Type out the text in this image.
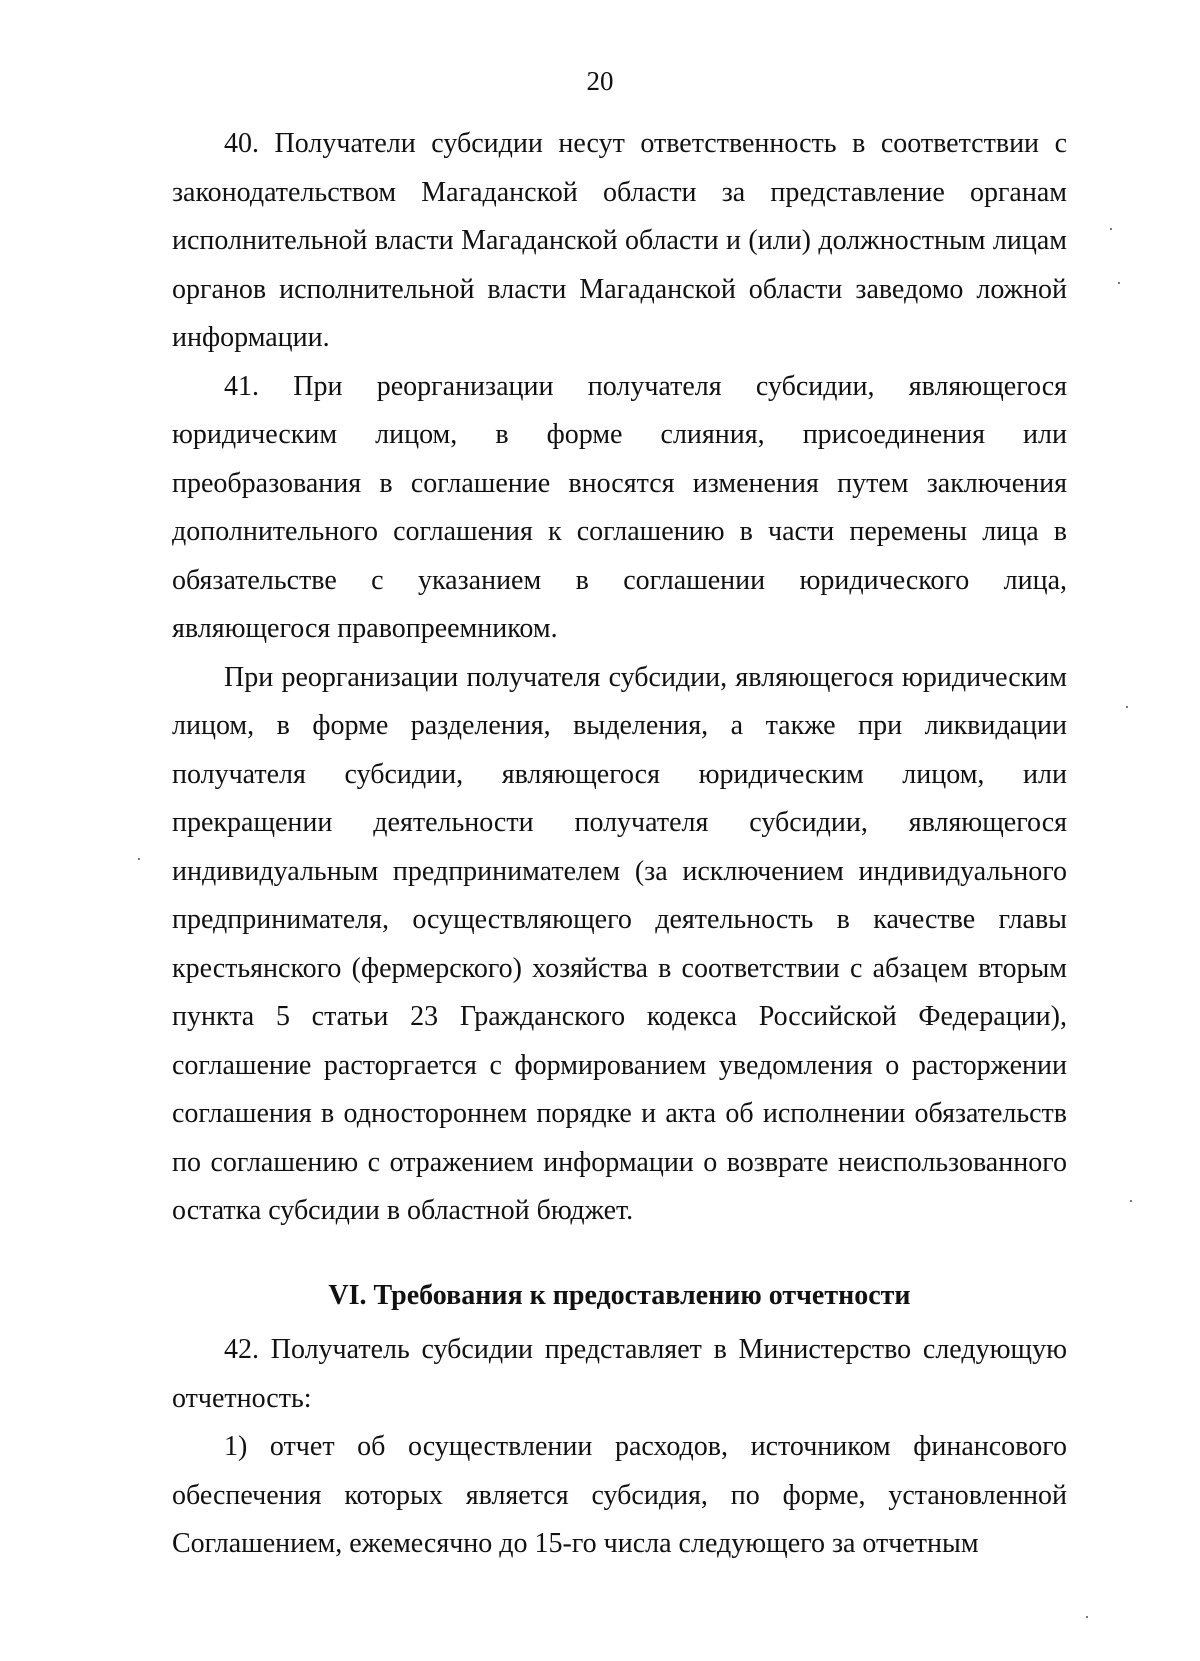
20

40. Получатели субсидии несут ответственность в соответствии с законодательством Магаданской области за представление органам исполнительной власти Магаданской области и (или) должностным лицам органов исполнительной власти Магаданской области заведомо ложной информации.

41. При реорганизации получателя субсидии, являющегося юридическим лицом, в форме слияния, присоединения или преобразования в соглашение вносятся изменения путем заключения дополнительного соглашения к соглашению в части перемены лица в обязательстве с указанием в соглашении юридического лица, являющегося правопреемником.

При реорганизации получателя субсидии, являющегося юридическим лицом, в форме разделения, выделения, а также при ликвидации получателя субсидии, являющегося юридическим лицом, или прекращении деятельности получателя субсидии, являющегося индивидуальным предпринимателем (за исключением индивидуального предпринимателя, осуществляющего деятельность в качестве главы крестьянского (фермерского) хозяйства в соответствии с абзацем вторым пункта 5 статьи 23 Гражданского кодекса Российской Федерации), соглашение расторгается с формированием уведомления о расторжении соглашения в одностороннем порядке и акта об исполнении обязательств по соглашению с отражением информации о возврате неиспользованного остатка субсидии в областной бюджет.

VI. Требования к предоставлению отчетности

42. Получатель субсидии представляет в Министерство следующую отчетность:

1) отчет об осуществлении расходов, источником финансового обеспечения которых является субсидия, по форме, установленной Соглашением, ежемесячно до 15-го числа следующего за отчетным
